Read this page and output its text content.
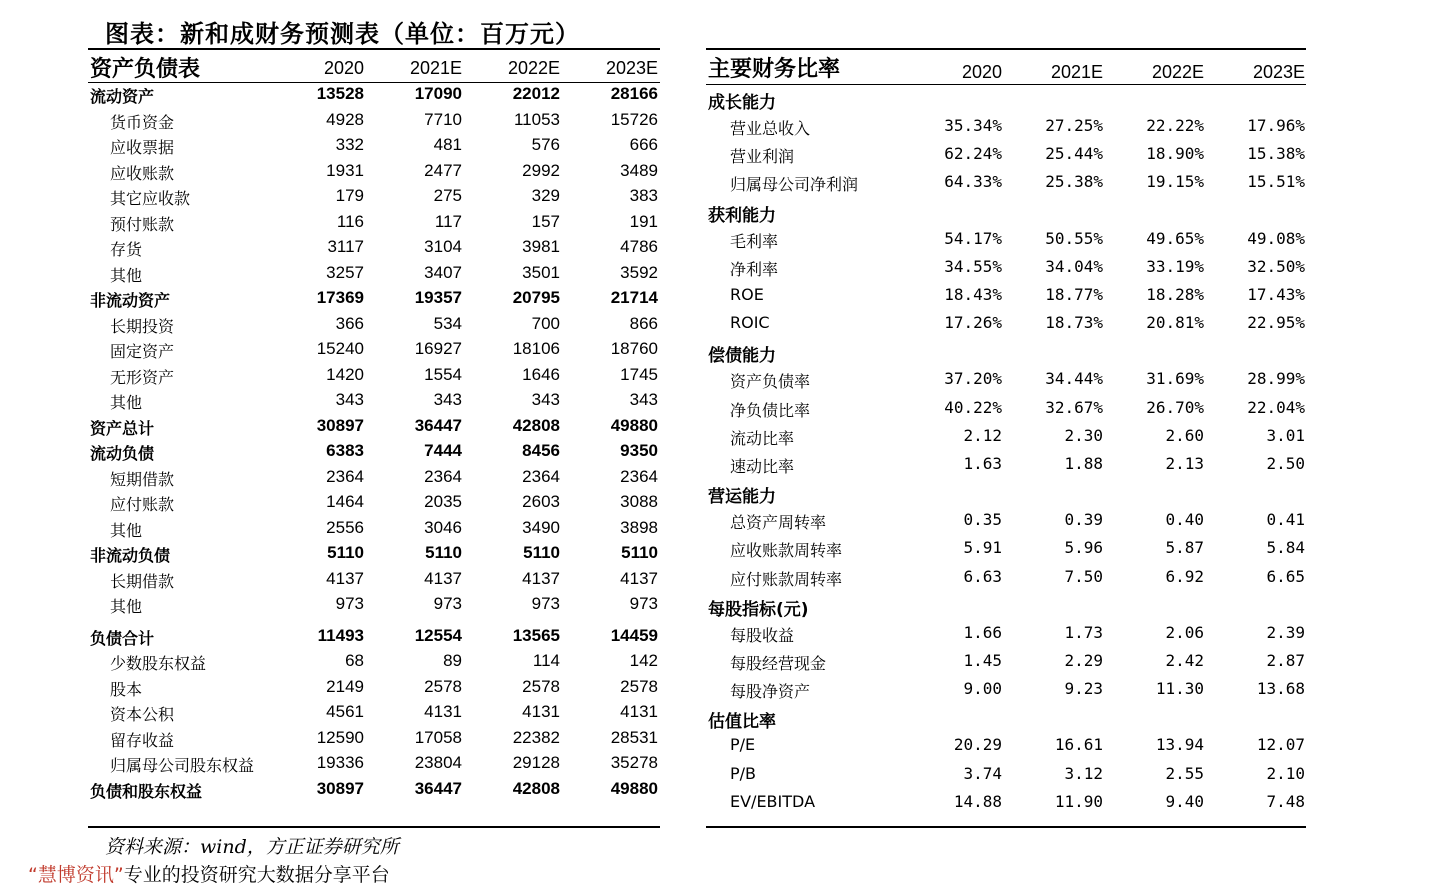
图表：新和成财务预测表（单位：百万元）
资产负债表	2020	2021E	2022E	2023E
流动资产	13528	17090	22012	28166
货币资金	4928	7710	11053	15726
应收票据	332	481	576	666
应收账款	1931	2477	2992	3489
其它应收款	179	275	329	383
预付账款	116	117	157	191
存货	3117	3104	3981	4786
其他	3257	3407	3501	3592
非流动资产	17369	19357	20795	21714
长期投资	366	534	700	866
固定资产	15240	16927	18106	18760
无形资产	1420	1554	1646	1745
其他	343	343	343	343
资产总计	30897	36447	42808	49880
流动负债	6383	7444	8456	9350
短期借款	2364	2364	2364	2364
应付账款	1464	2035	2603	3088
其他	2556	3046	3490	3898
非流动负债	5110	5110	5110	5110
长期借款	4137	4137	4137	4137
其他	973	973	973	973
负债合计	11493	12554	13565	14459
少数股东权益	68	89	114	142
股本	2149	2578	2578	2578
资本公积	4561	4131	4131	4131
留存收益	12590	17058	22382	28531
归属母公司股东权益	19336	23804	29128	35278
负债和股东权益	30897	36447	42808	49880
主要财务比率	2020	2021E	2022E	2023E
成长能力
营业总收入	35.34%	27.25%	22.22%	17.96%
营业利润	62.24%	25.44%	18.90%	15.38%
归属母公司净利润	64.33%	25.38%	19.15%	15.51%
获利能力
毛利率	54.17%	50.55%	49.65%	49.08%
净利率	34.55%	34.04%	33.19%	32.50%
ROE	18.43%	18.77%	18.28%	17.43%
ROIC	17.26%	18.73%	20.81%	22.95%
偿债能力
资产负债率	37.20%	34.44%	31.69%	28.99%
净负债比率	40.22%	32.67%	26.70%	22.04%
流动比率	2.12	2.30	2.60	3.01
速动比率	1.63	1.88	2.13	2.50
营运能力
总资产周转率	0.35	0.39	0.40	0.41
应收账款周转率	5.91	5.96	5.87	5.84
应付账款周转率	6.63	7.50	6.92	6.65
每股指标(元)
每股收益	1.66	1.73	2.06	2.39
每股经营现金	1.45	2.29	2.42	2.87
每股净资产	9.00	9.23	11.30	13.68
估值比率
P/E	20.29	16.61	13.94	12.07
P/B	3.74	3.12	2.55	2.10
EV/EBITDA	14.88	11.90	9.40	7.48
资料来源：wind，方正证券研究所
“慧博资讯”专业的投资研究大数据分享平台
